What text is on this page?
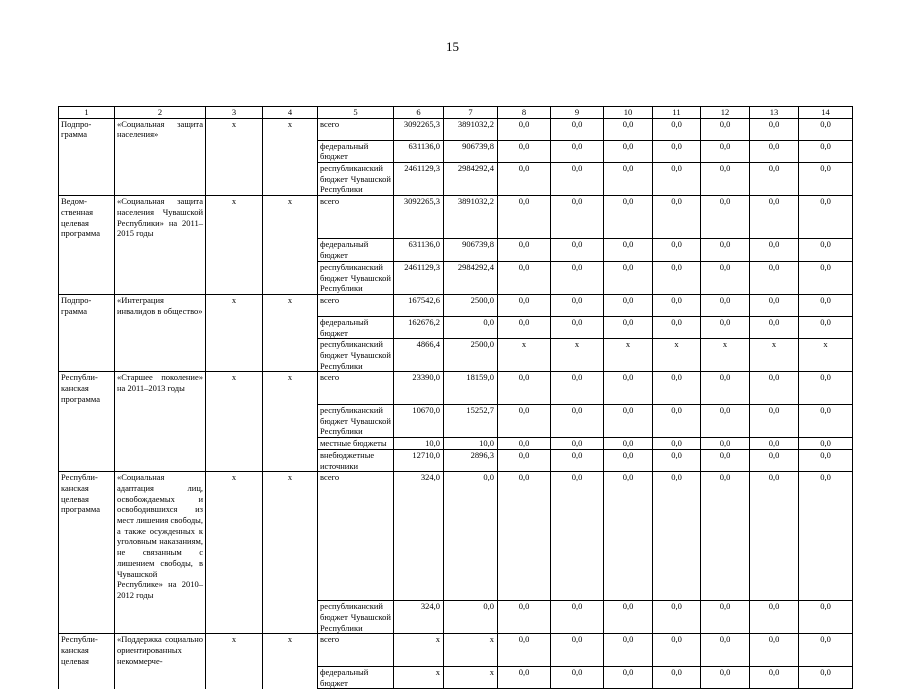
15
1	2	3	4	5	6	7	8	9	10	11	12	13	14
Подпро-грамма	«Социальная защита населения»	x	x	всего	3092265,3	3891032,2	0,0	0,0	0,0	0,0	0,0	0,0	0,0
				федеральный бюджет	631136,0	906739,8	0,0	0,0	0,0	0,0	0,0	0,0	0,0
				республиканский бюджет Чувашской Республики	2461129,3	2984292,4	0,0	0,0	0,0	0,0	0,0	0,0	0,0
Ведом-ственная целевая программа	«Социальная защита населения Чувашской Республики» на 2011–2015 годы	x	x	всего	3092265,3	3891032,2	0,0	0,0	0,0	0,0	0,0	0,0	0,0
				федеральный бюджет	631136,0	906739,8	0,0	0,0	0,0	0,0	0,0	0,0	0,0
				республиканский бюджет Чувашской Республики	2461129,3	2984292,4	0,0	0,0	0,0	0,0	0,0	0,0	0,0
Подпро-грамма	«Интеграция инвалидов в общество»	x	x	всего	167542,6	2500,0	0,0	0,0	0,0	0,0	0,0	0,0	0,0
				федеральный бюджет	162676,2	0,0	0,0	0,0	0,0	0,0	0,0	0,0	0,0
				республиканский бюджет Чувашской Республики	4866,4	2500,0	x	x	x	x	x	x	x
Республи-канская программа	«Старшее поколение» на 2011–2013 годы	x	x	всего	23390,0	18159,0	0,0	0,0	0,0	0,0	0,0	0,0	0,0
				республиканский бюджет Чувашской Республики	10670,0	15252,7	0,0	0,0	0,0	0,0	0,0	0,0	0,0
				местные бюджеты	10,0	10,0	0,0	0,0	0,0	0,0	0,0	0,0	0,0
				внебюджетные источники	12710,0	2896,3	0,0	0,0	0,0	0,0	0,0	0,0	0,0
Республи-канская целевая программа	«Социальная адаптация лиц, освобождаемых и освободившихся из мест лишения свободы, а также осужденных к уголовным наказаниям, не связанным с лишением свободы, в Чувашской Республике» на 2010–2012 годы	x	x	всего	324,0	0,0	0,0	0,0	0,0	0,0	0,0	0,0	0,0
				республиканский бюджет Чувашской Республики	324,0	0,0	0,0	0,0	0,0	0,0	0,0	0,0	0,0
Республи-канская целевая	«Поддержка социально ориентированных некоммерче-	x	x	всего	x	x	0,0	0,0	0,0	0,0	0,0	0,0	0,0
				федеральный бюджет	x	x	0,0	0,0	0,0	0,0	0,0	0,0	0,0
